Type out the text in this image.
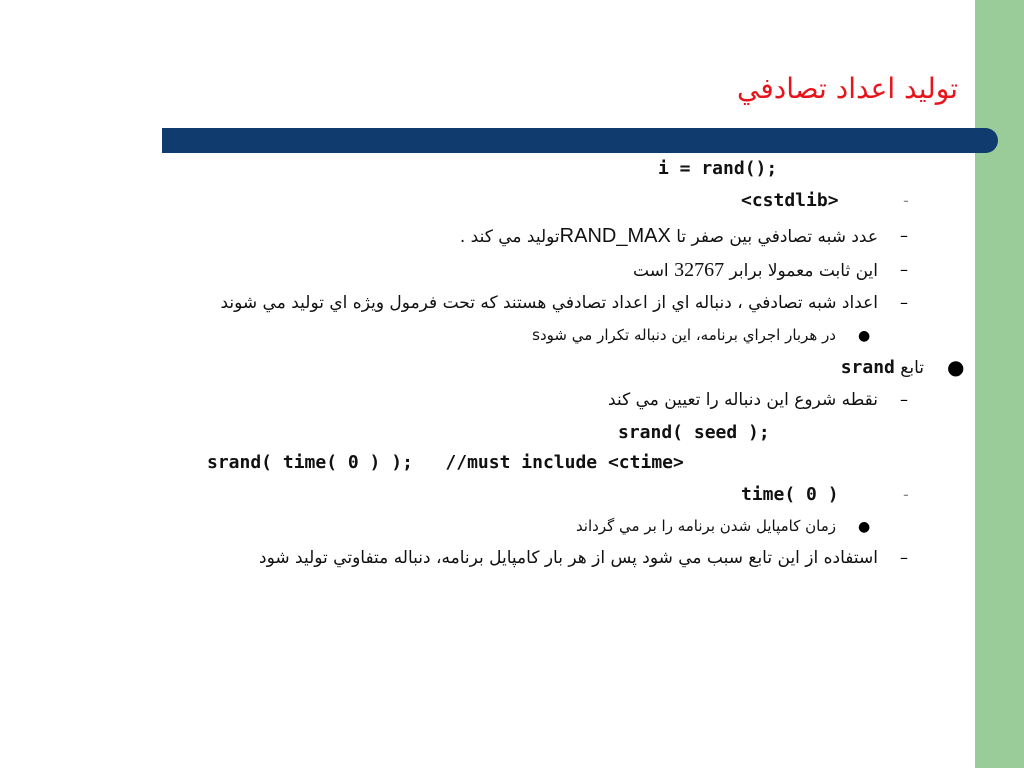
توليد اعداد تصادفي
i = rand();
-
<cstdlib>
–
عدد شبه تصادفي بين صفر تا RAND_MAXتوليد مي كند .
–
اين ثابت معمولا برابر 32767 است
–
اعداد شبه تصادفي ، دنباله اي از اعداد تصادفي هستند كه تحت فرمول ويژه اي توليد مي شوند
●
در هربار اجراي برنامه، اين دنباله تكرار مي شودs
●
تابع srand
–
نقطه شروع اين دنباله را تعيين مي كند
srand( seed );
srand( time( 0 ) );   //must include <ctime>
-
time( 0 )
●
زمان كامپايل شدن برنامه را بر مي گرداند
–
استفاده از اين تابع سبب مي شود پس از هر بار كامپايل برنامه، دنباله متفاوتي توليد شود
